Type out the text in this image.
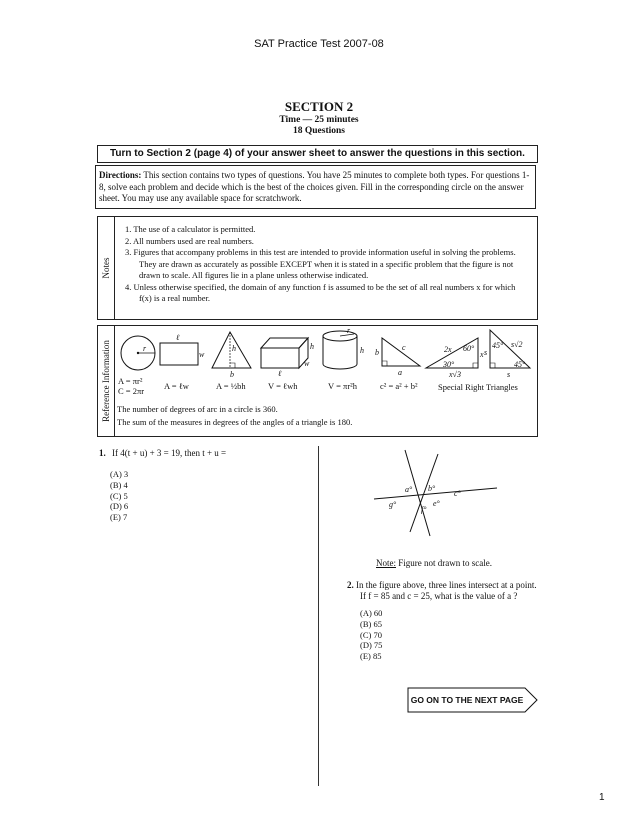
SAT Practice Test 2007-08
SECTION 2
Time — 25 minutes
18 Questions
Turn to Section 2 (page 4) of your answer sheet to answer the questions in this section.
Directions: This section contains two types of questions. You have 25 minutes to complete both types. For questions 1-8, solve each problem and decide which is the best of the choices given. Fill in the corresponding circle on the answer sheet. You may use any available space for scratchwork.
Notes
1. The use of a calculator is permitted.
2. All numbers used are real numbers.
3. Figures that accompany problems in this test are intended to provide information useful in solving the problems.
They are drawn as accurately as possible EXCEPT when it is stated in a specific problem that the figure is not
drawn to scale. All figures lie in a plane unless otherwise indicated.
4. Unless otherwise specified, the domain of any function f is assumed to be the set of all real numbers x for which
f(x) is a real number.
Reference Information	r
A = πr²
C = 2πr
ℓ
w
A = ℓw
h
b
A = ½bh
h
w
ℓ
V = ℓwh
r
h
V = πr²h
c
b
a
c² = a² + b²
2x 60°
30°
x
x√3
45°
s
s√2
45°
s
Special Right Triangles
The number of degrees of arc in a circle is 360.
The sum of the measures in degrees of the angles of a triangle is 180.
1. If 4(t + u) + 3 = 19, then t + u =
(A) 3
(B) 4
(C) 5
(D) 6
(E) 7
a° b°
c°
e°
f°
g°
Note: Figure not drawn to scale.
2. In the figure above, three lines intersect at a point.
If f = 85 and c = 25, what is the value of a ?
(A) 60
(B) 65
(C) 70
(D) 75
(E) 85
GO ON TO THE NEXT PAGE
1
